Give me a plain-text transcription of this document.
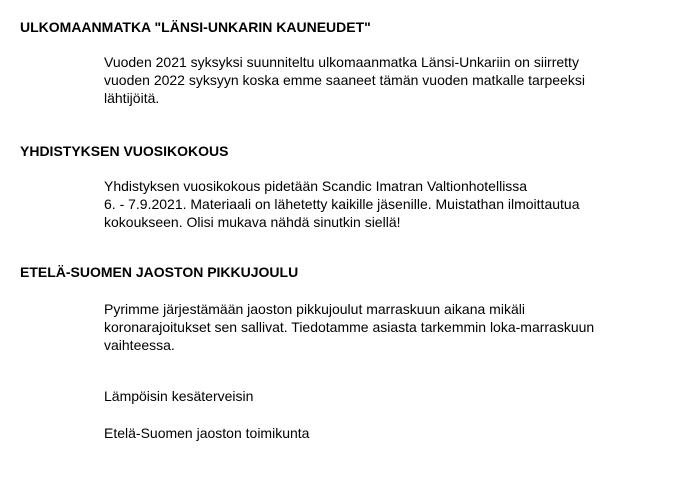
ULKOMAANMATKA "LÄNSI-UNKARIN KAUNEUDET"

Vuoden 2021 syksyksi suunniteltu ulkomaanmatka Länsi-Unkariin on siirretty
vuoden 2022 syksyyn koska emme saaneet tämän vuoden matkalle tarpeeksi
lähtijöitä.

YHDISTYKSEN VUOSIKOKOUS

Yhdistyksen vuosikokous pidetään Scandic Imatran Valtionhotellissa
6. - 7.9.2021. Materiaali on lähetetty kaikille jäsenille. Muistathan ilmoittautua
kokoukseen. Olisi mukava nähdä sinutkin siellä!

ETELÄ-SUOMEN JAOSTON PIKKUJOULU

Pyrimme järjestämään jaoston pikkujoulut marraskuun aikana mikäli
koronarajoitukset sen sallivat. Tiedotamme asiasta tarkemmin loka-marraskuun
vaihteessa.

Lämpöisin kesäterveisin

Etelä-Suomen jaoston toimikunta
